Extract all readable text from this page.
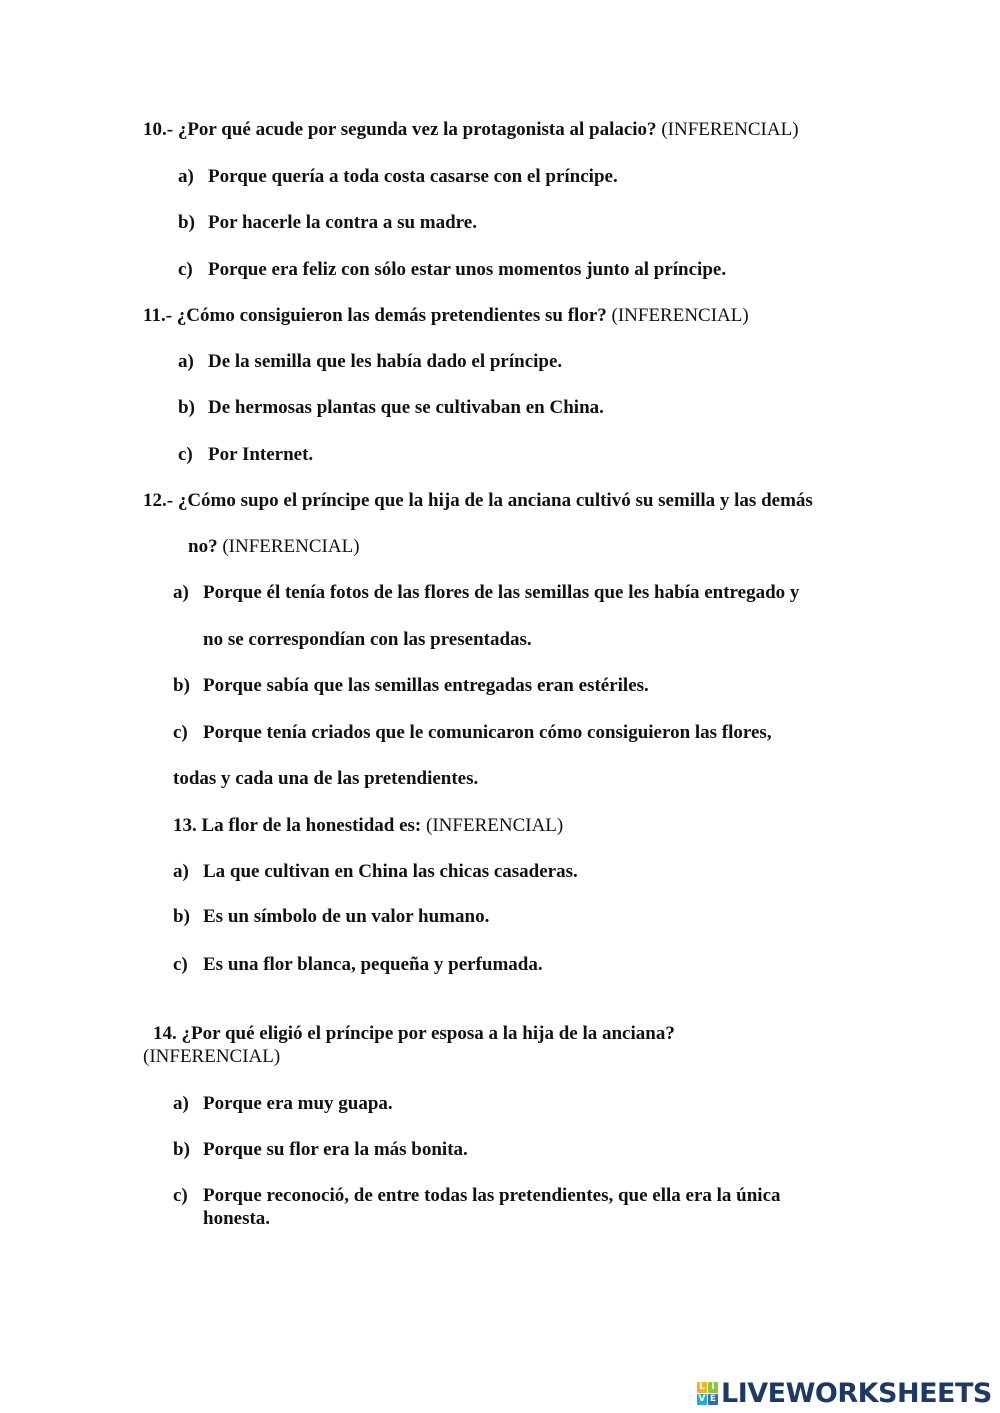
10.- ¿Por qué acude por segunda vez la protagonista al palacio? (INFERENCIAL)
a) Porque quería a toda costa casarse con el príncipe.
b) Por hacerle la contra a su madre.
c) Porque era feliz con sólo estar unos momentos junto al príncipe.
11.- ¿Cómo consiguieron las demás pretendientes su flor? (INFERENCIAL)
a) De la semilla que les había dado el príncipe.
b) De hermosas plantas que se cultivaban en China.
c) Por Internet.
12.- ¿Cómo supo el príncipe que la hija de la anciana cultivó su semilla y las demás
no? (INFERENCIAL)
a) Porque él tenía fotos de las flores de las semillas que les había entregado y
no se correspondían con las presentadas.
b) Porque sabía que las semillas entregadas eran estériles.
c) Porque tenía criados que le comunicaron cómo consiguieron las flores,
todas y cada una de las pretendientes.
13. La flor de la honestidad es: (INFERENCIAL)
a) La que cultivan en China las chicas casaderas.
b) Es un símbolo de un valor humano.
c) Es una flor blanca, pequeña y perfumada.
14. ¿Por qué eligió el príncipe por esposa a la hija de la anciana?
(INFERENCIAL)
a) Porque era muy guapa.
b) Porque su flor era la más bonita.
c) Porque reconoció, de entre todas las pretendientes, que ella era la única
honesta.
L I
V E LIVEWORKSHEETS
